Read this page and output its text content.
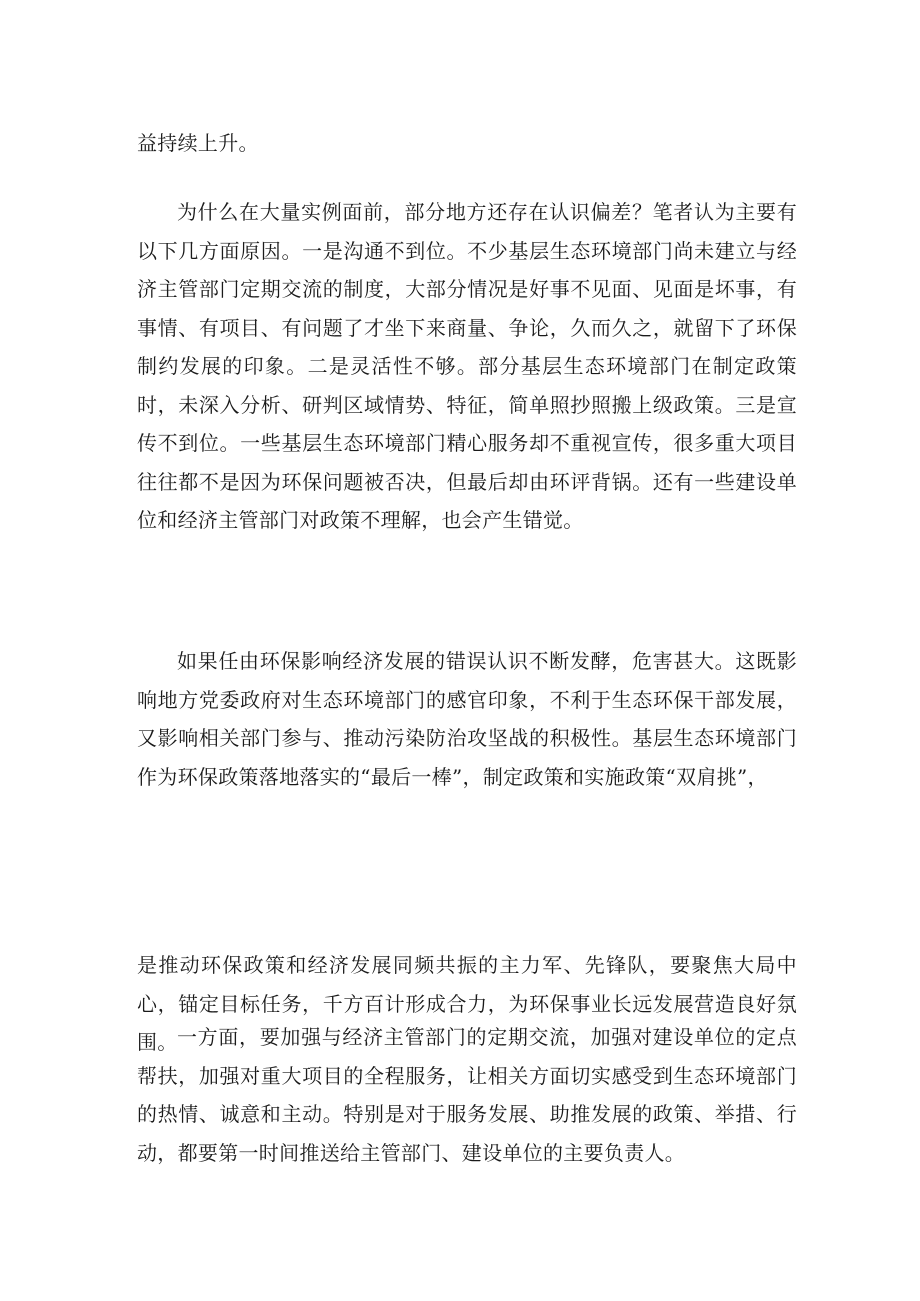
益持续上升。

为什么在大量实例面前，部分地方还存在认识偏差？笔者认为主要有以下几方面原因。一是沟通不到位。不少基层生态环境部门尚未建立与经济主管部门定期交流的制度，大部分情况是好事不见面、见面是坏事，有事情、有项目、有问题了才坐下来商量、争论，久而久之，就留下了环保制约发展的印象。二是灵活性不够。部分基层生态环境部门在制定政策时，未深入分析、研判区域情势、特征，简单照抄照搬上级政策。三是宣传不到位。一些基层生态环境部门精心服务却不重视宣传，很多重大项目往往都不是因为环保问题被否决，但最后却由环评背锅。还有一些建设单位和经济主管部门对政策不理解，也会产生错觉。

如果任由环保影响经济发展的错误认识不断发酵，危害甚大。这既影响地方党委政府对生态环境部门的感官印象，不利于生态环保干部发展，又影响相关部门参与、推动污染防治攻坚战的积极性。基层生态环境部门作为环保政策落地落实的“最后一棒”，制定政策和实施政策“双肩挑”，

是推动环保政策和经济发展同频共振的主力军、先锋队，要聚焦大局中心，锚定目标任务，千方百计形成合力，为环保事业长远发展营造良好氛围。 一方面，要加强与经济主管部门的定期交流，加强对建设单位的定点帮扶，加强对重大项目的全程服务，让相关方面切实感受到生态环境部门的热情、诚意和主动。特别是对于服务发展、助推发展的政策、举措、行动，都要第一时间推送给主管部门、建设单位的主要负责人。
